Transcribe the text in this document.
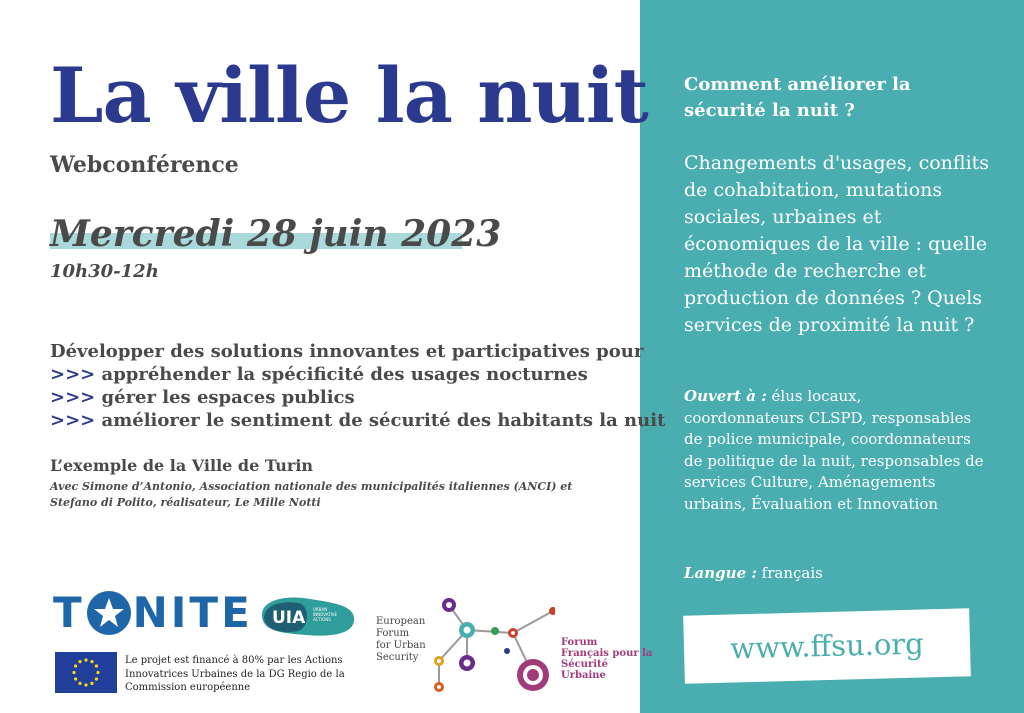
La ville la nuit
Webconférence
Mercredi 28 juin 2023
10h30-12h
Développer des solutions innovantes et participatives pour
>>> appréhender la spécificité des usages nocturnes
>>> gérer les espaces publics
>>> améliorer le sentiment de sécurité des habitants la nuit
L’exemple de la Ville de Turin
Avec Simone d’Antonio, Association nationale des municipalités italiennes (ANCI) et Stefano di Polito, réalisateur, Le Mille Notti
T NITE UIA URBAN
INNOVATIVE
ACTIONS
Le projet est financé à 80% par les Actions Innovatrices Urbaines de la DG Regio de la Commission européenne
European
Forum
for Urban
Security
Forum
Français pour la
Sécurité
Urbaine
Comment améliorer la sécurité la nuit ?
Changements d'usages, conflits de cohabitation, mutations sociales, urbaines et économiques de la ville : quelle méthode de recherche et production de données ? Quels services de proximité la nuit ?
Ouvert à : élus locaux, coordonnateurs CLSPD, responsables de police municipale, coordonnateurs de politique de la nuit, responsables de services Culture, Aménagements urbains, Évaluation et Innovation
Langue : français
www.ffsu.org
